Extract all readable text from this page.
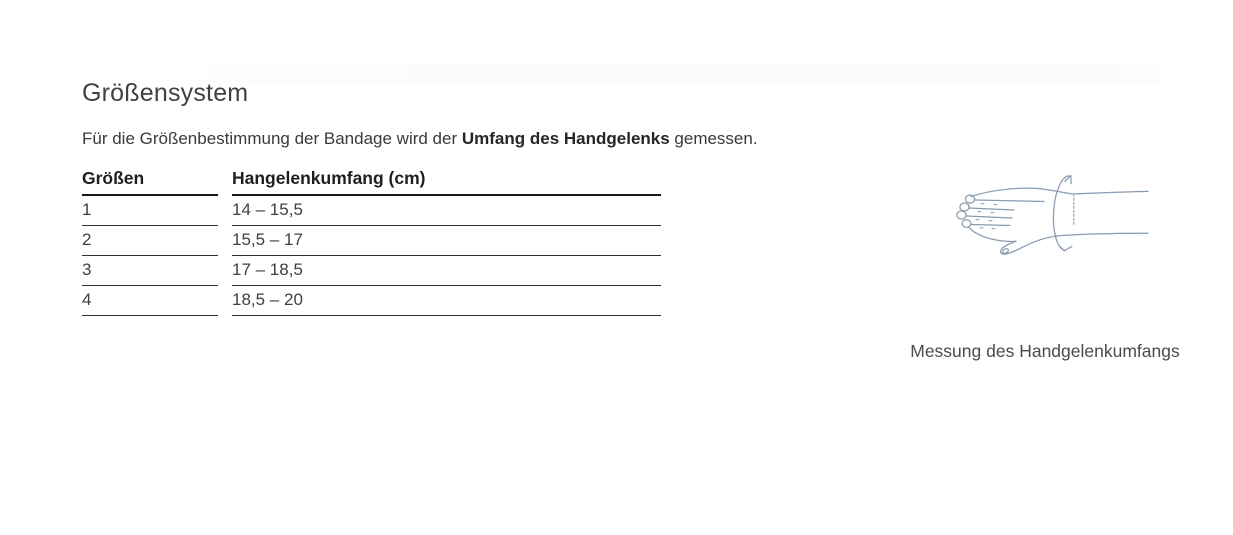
Größensystem

Für die Größenbestimmung der Bandage wird der Umfang des Handgelenks gemessen.

Größen		Hangelenkumfang (cm)
1		14 – 15,5
2		15,5 – 17
3		17 – 18,5
4		18,5 – 20
Messung des Handgelenkumfangs
